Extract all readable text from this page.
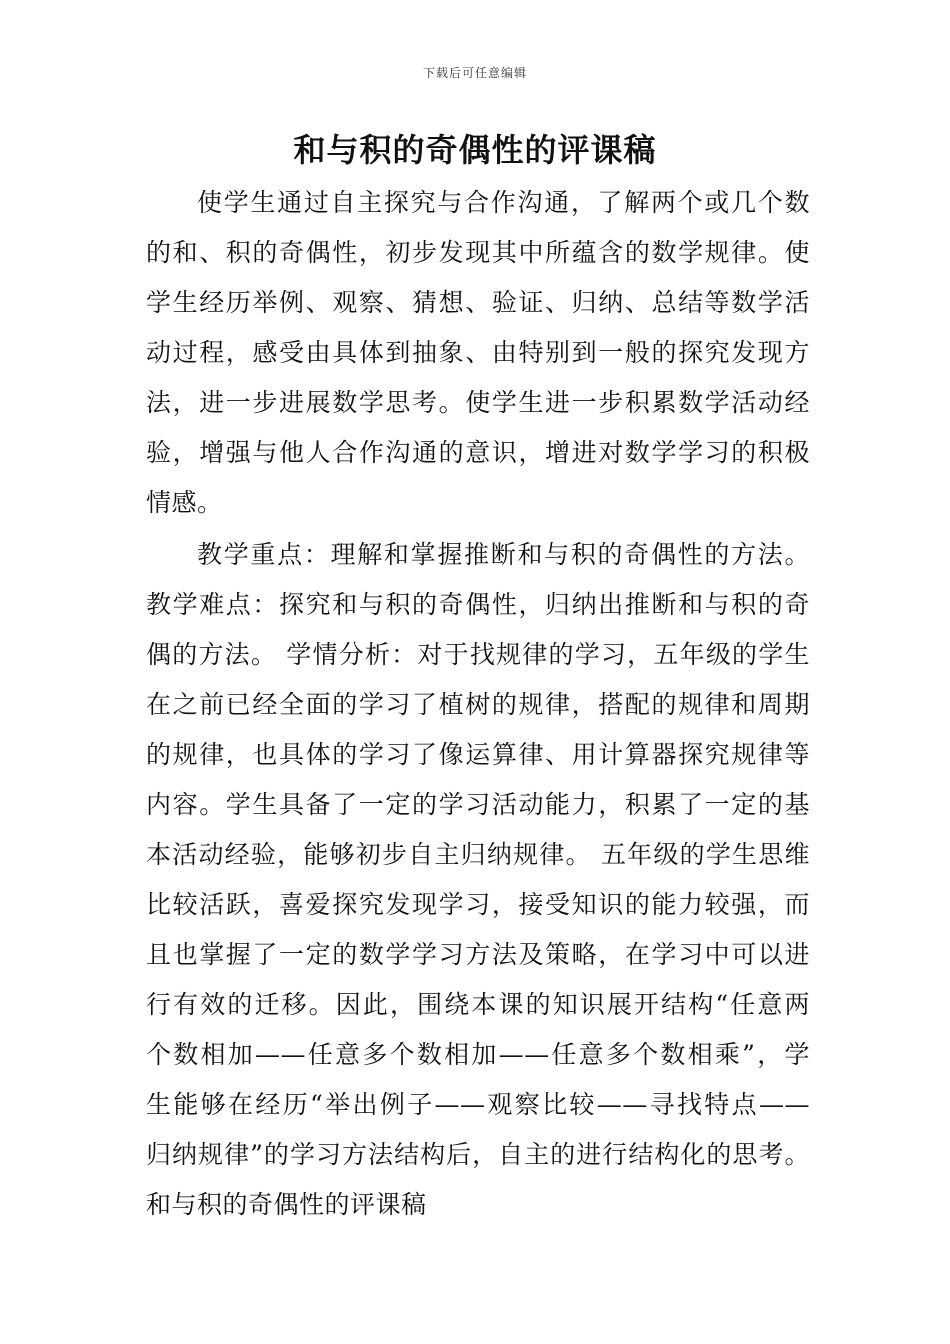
下载后可任意编辑
和与积的奇偶性的评课稿
使学生通过自主探究与合作沟通，了解两个或几个数
的和、积的奇偶性，初步发现其中所蕴含的数学规律。使
学生经历举例、观察、猜想、验证、归纳、总结等数学活
动过程，感受由具体到抽象、由特别到一般的探究发现方
法，进一步进展数学思考。使学生进一步积累数学活动经
验，增强与他人合作沟通的意识，增进对数学学习的积极
情感。
教学重点：理解和掌握推断和与积的奇偶性的方法。
教学难点：探究和与积的奇偶性，归纳出推断和与积的奇
偶的方法。 学情分析：对于找规律的学习，五年级的学生
在之前已经全面的学习了植树的规律，搭配的规律和周期
的规律，也具体的学习了像运算律、用计算器探究规律等
内容。学生具备了一定的学习活动能力，积累了一定的基
本活动经验，能够初步自主归纳规律。 五年级的学生思维
比较活跃，喜爱探究发现学习，接受知识的能力较强，而
且也掌握了一定的数学学习方法及策略，在学习中可以进
行有效的迁移。因此，围绕本课的知识展开结构“任意两
个数相加——任意多个数相加——任意多个数相乘”，学
生能够在经历“举出例子——观察比较——寻找特点——
归纳规律”的学习方法结构后，自主的进行结构化的思考。
和与积的奇偶性的评课稿
